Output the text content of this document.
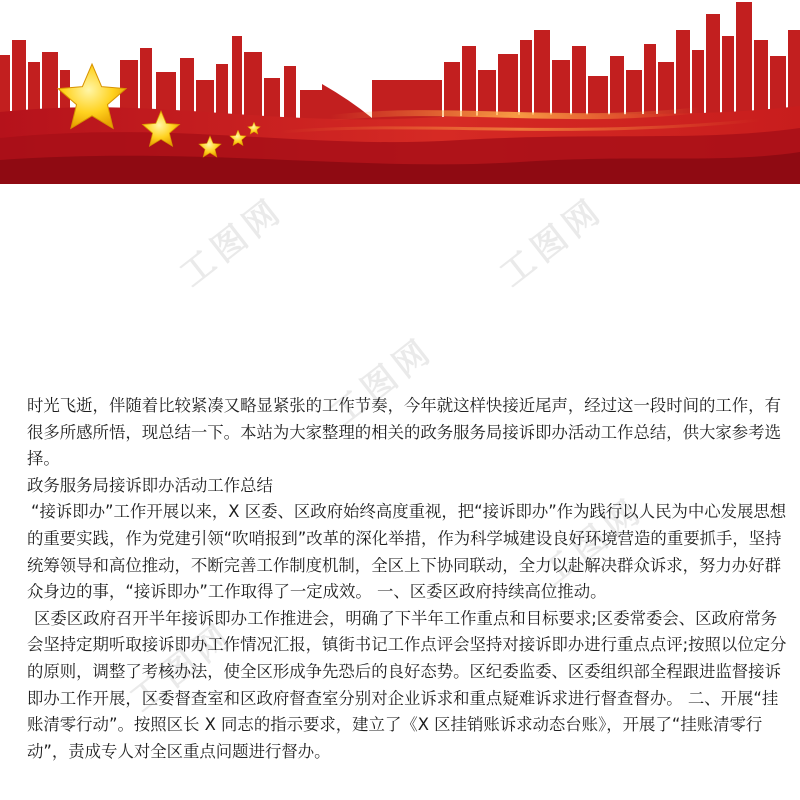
工图网	工图网
工图网
工图网
工图网

时光飞逝，伴随着比较紧凑又略显紧张的工作节奏，今年就这样快接近尾声，经过这一段时间的工作，有很多所感所悟，现总结一下。本站为大家整理的相关的政务服务局接诉即办活动工作总结，供大家参考选择。

政务服务局接诉即办活动工作总结

“接诉即办”工作开展以来，X 区委、区政府始终高度重视，把“接诉即办”作为践行以人民为中心发展思想的重要实践，作为党建引领“吹哨报到”改革的深化举措，作为科学城建设良好环境营造的重要抓手，坚持统筹领导和高位推动，不断完善工作制度机制，全区上下协同联动，全力以赴解决群众诉求，努力办好群众身边的事，“接诉即办”工作取得了一定成效。 一、区委区政府持续高位推动。

区委区政府召开半年接诉即办工作推进会，明确了下半年工作重点和目标要求;区委常委会、区政府常务会坚持定期听取接诉即办工作情况汇报，镇街书记工作点评会坚持对接诉即办进行重点点评;按照以位定分的原则，调整了考核办法，使全区形成争先恐后的良好态势。区纪委监委、区委组织部全程跟进监督接诉即办工作开展，区委督查室和区政府督查室分别对企业诉求和重点疑难诉求进行督查督办。 二、开展“挂账清零行动”。按照区长 X 同志的指示要求，建立了《X 区挂销账诉求动态台账》，开展了“挂账清零行动”，责成专人对全区重点问题进行督办。
